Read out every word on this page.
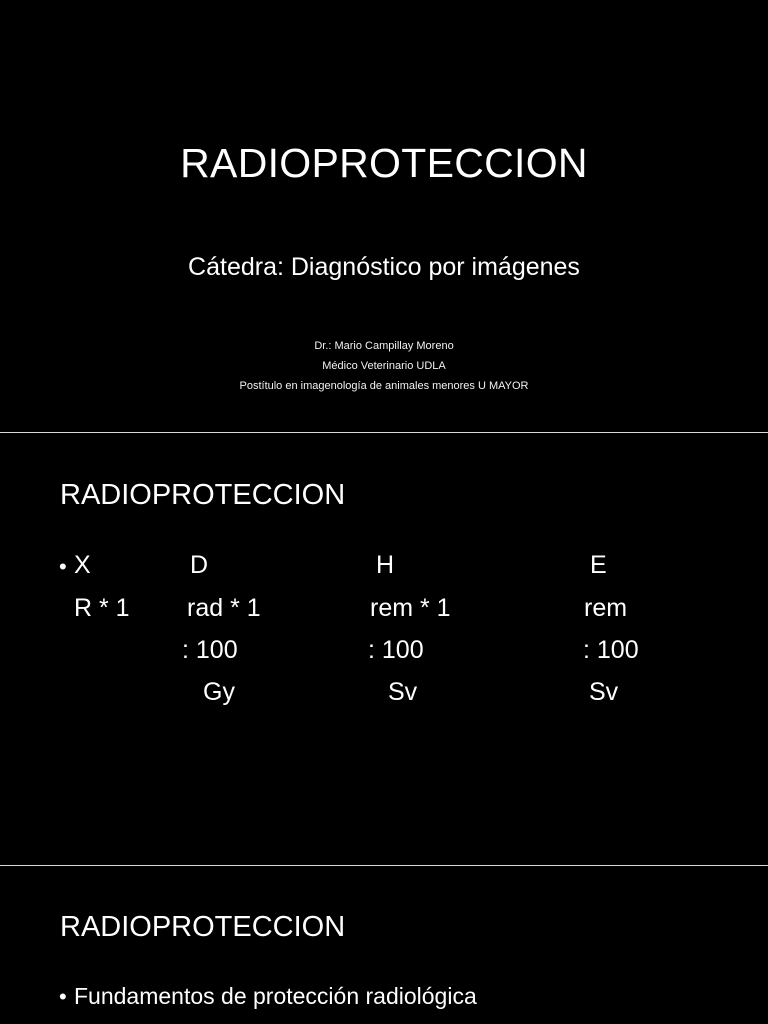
RADIOPROTECCION
Cátedra: Diagnóstico por imágenes
Dr.: Mario Campillay Moreno
Médico Veterinario UDLA
Postítulo en imagenología de animales menores U MAYOR
RADIOPROTECCION
• X
R * 1
D
rad * 1
: 100
Gy
H
rem * 1
: 100
Sv
E
rem
: 100
Sv
RADIOPROTECCION
• Fundamentos de protección radiológica
